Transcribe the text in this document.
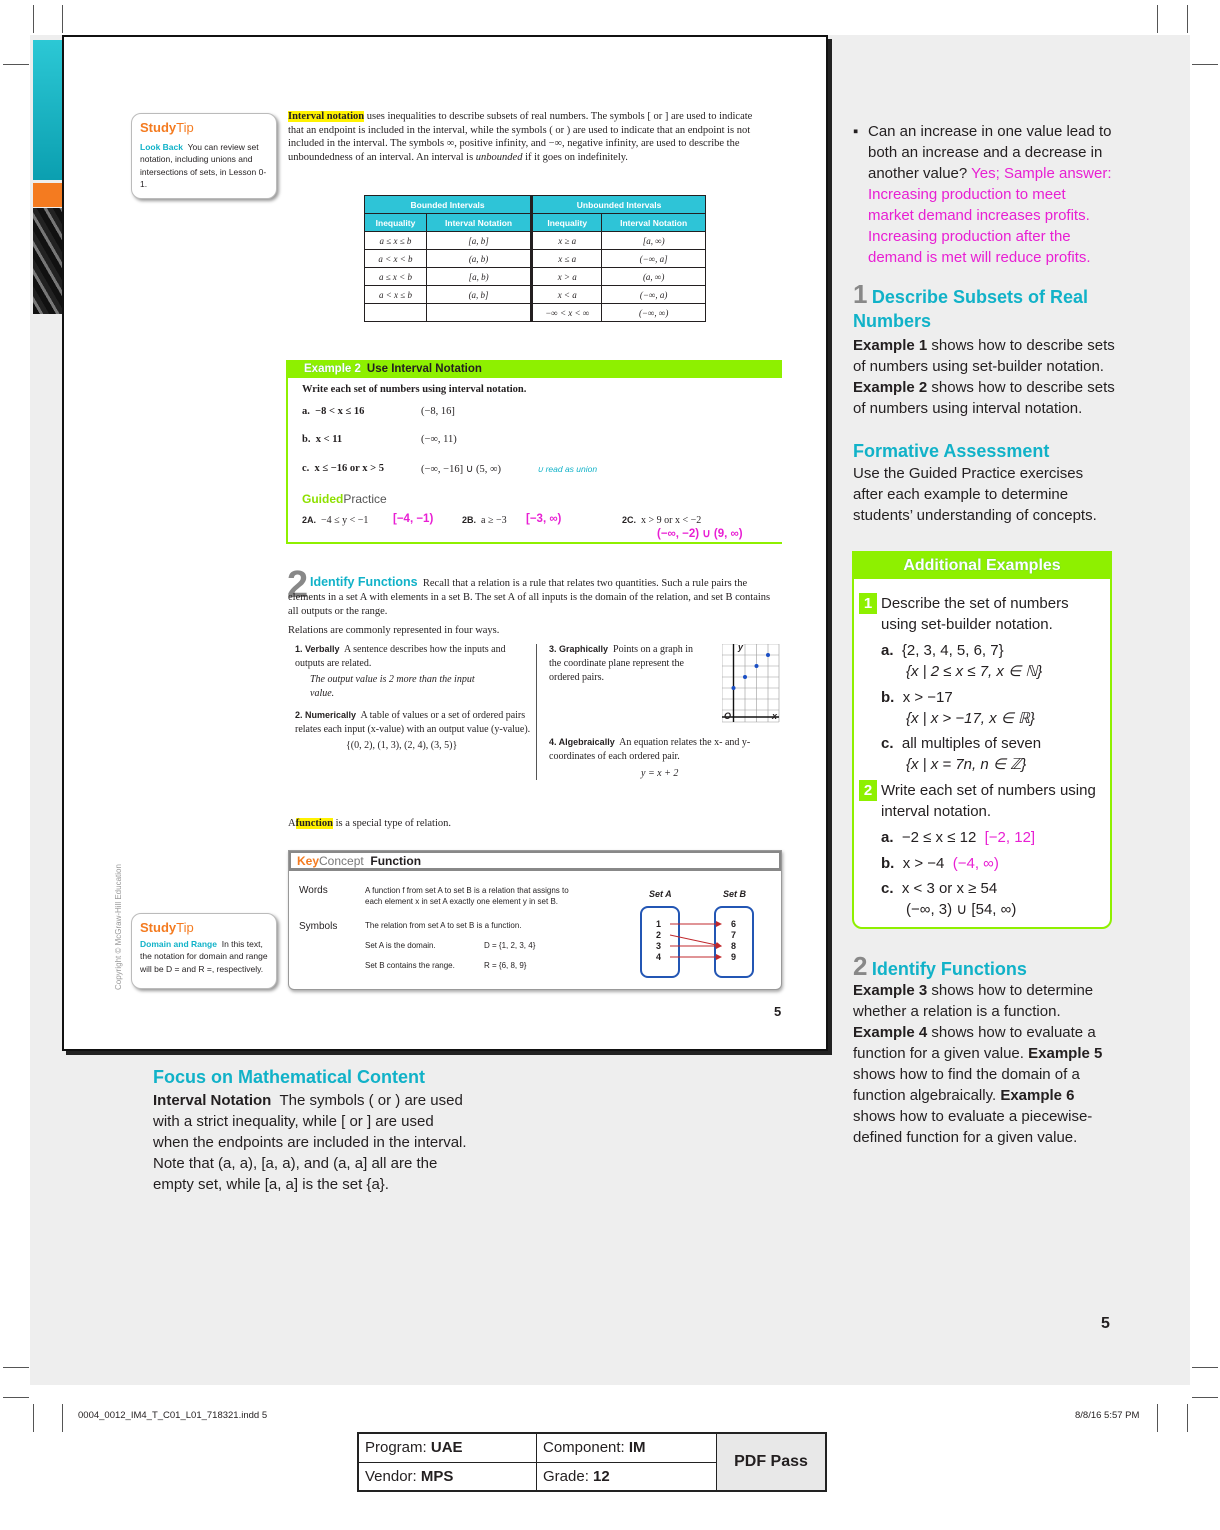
StudyTip
Look Back You can review set notation, including unions and intersections of sets, in Lesson 0-1.
Interval notation uses inequalities to describe subsets of real numbers. The symbols [ or ] are used to indicate that an endpoint is included in the interval, while the symbols ( or ) are used to indicate that an endpoint is not included in the interval. The symbols ∞, positive infinity, and −∞, negative infinity, are used to describe the unboundedness of an interval. An interval is unbounded if it goes on indefinitely.
Bounded Intervals		Unbounded Intervals	
Inequality	Interval Notation	Inequality	Interval Notation
a ≤ x ≤ b	[a, b]	x ≥ a	[a, ∞)
a < x < b	(a, b)	x ≤ a	(−∞, a]
a ≤ x < b	[a, b)	x > a	(a, ∞)
a < x ≤ b	(a, b]	x < a	(−∞, a)
		−∞ < x < ∞	(−∞, ∞)
Example 2 Use Interval Notation
Write each set of numbers using interval notation.
a. −8 < x ≤ 16	(−8, 16]
b. x < 11	(−∞, 11)
c. x ≤ −16 or x > 5	(−∞, −16] ∪ (5, ∞)	∪ read as union
GuidedPractice
2A. −4 ≤ y < −1 [−4, −1)	2B. a ≥ −3 [−3, ∞)	2C. x > 9 or x < −2
(−∞, −2) ∪ (9, ∞)
2 Identify Functions Recall that a relation is a rule that relates two quantities. Such a rule pairs the elements in a set A with elements in a set B. The set A of all inputs is the domain of the relation, and set B contains all outputs or the range.
Relations are commonly represented in four ways.
1. Verbally A sentence describes how the inputs and outputs are related.
The output value is 2 more than the input value.
2. Numerically A table of values or a set of ordered pairs relates each input (x-value) with an output value (y-value).
{(0, 2), (1, 3), (2, 4), (3, 5)}
3. Graphically Points on a graph in the coordinate plane represent the ordered pairs.
y
x
O
4. Algebraically An equation relates the x- and y-coordinates of each ordered pair.
y = x + 2
Afunction is a special type of relation.
KeyConcept Function
Words	A function f from set A to set B is a relation that assigns to each element x in set A exactly one element y in set B.
Symbols	The relation from set A to set B is a function.
Set A is the domain.	D = {1, 2, 3, 4}
Set B contains the range.	R = {6, 8, 9}
Set A	Set B
1
2
3
4
6
7
8
9
StudyTip
Domain and Range In this text, the notation for domain and range will be D = and R =, respectively.
Copyright © McGraw-Hill Education
5
Focus on Mathematical Content
Interval Notation The symbols ( or ) are used with a strict inequality, while [ or ] are used when the endpoints are included in the interval. Note that (a, a), [a, a), and (a, a] all are the empty set, while [a, a] is the set {a}.
▪ Can an increase in one value lead to both an increase and a decrease in another value? Yes; Sample answer: Increasing production to meet market demand increases profits. Increasing production after the demand is met will reduce profits.
1 Describe Subsets of Real Numbers
Example 1 shows how to describe sets of numbers using set-builder notation. Example 2 shows how to describe sets of numbers using interval notation.
Formative Assessment
Use the Guided Practice exercises after each example to determine students’ understanding of concepts.
Additional Examples
1 Describe the set of numbers using set-builder notation.
a. {2, 3, 4, 5, 6, 7}
{x | 2 ≤ x ≤ 7, x ∈ ℕ}
b. x > −17
{x | x > −17, x ∈ ℝ}
c. all multiples of seven
{x | x = 7n, n ∈ ℤ}
2 Write each set of numbers using interval notation.
a. −2 ≤ x ≤ 12 [−2, 12]
b. x > −4 (−4, ∞)
c. x < 3 or x ≥ 54
(−∞, 3) ∪ [54, ∞)
2 Identify Functions
Example 3 shows how to determine whether a relation is a function. Example 4 shows how to evaluate a function for a given value. Example 5 shows how to find the domain of a function algebraically. Example 6 shows how to evaluate a piecewise-defined function for a given value.
5
0004_0012_IM4_T_C01_L01_718321.indd 5	8/8/16 5:57 PM
Program: UAE	Component: IM
Vendor: MPS	Grade: 12
PDF Pass
